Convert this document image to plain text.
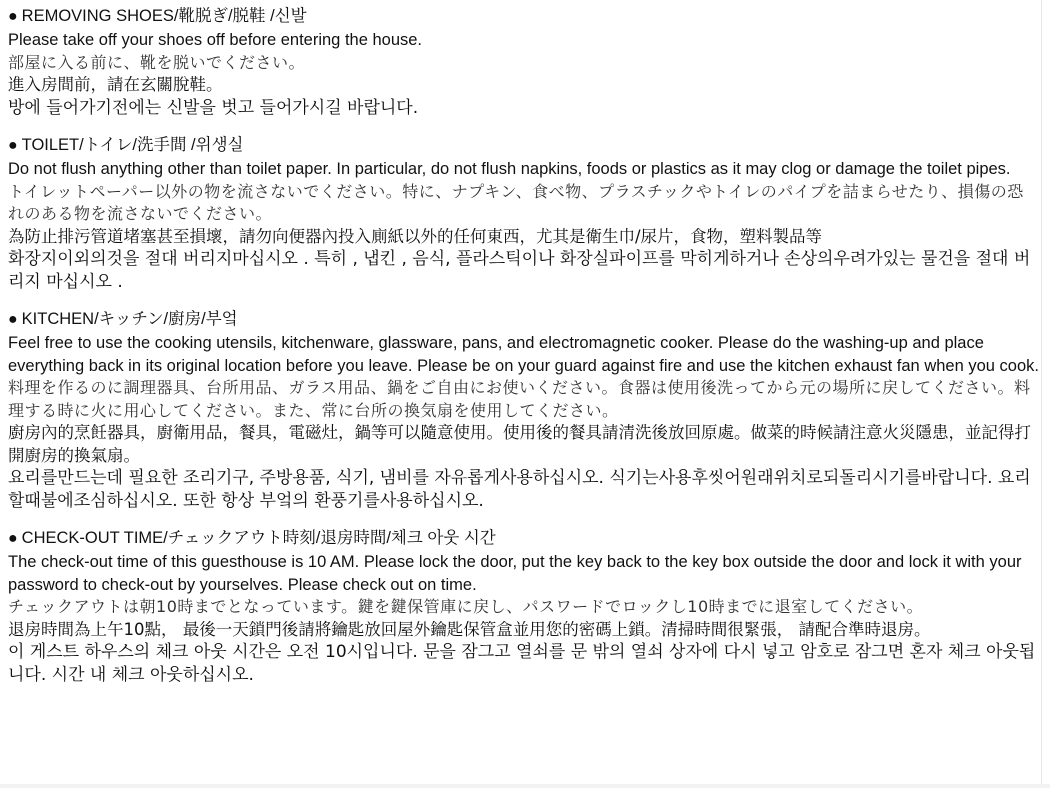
● REMOVING SHOES/靴脱ぎ/脱鞋 /신발
Please take off your shoes off before entering the house.
部屋に入る前に、靴を脱いでください。
進入房間前，請在玄關脫鞋。
방에 들어가기전에는 신발을 벗고 들어가시길 바랍니다.
● TOILET/トイレ/洗手間 /위생실
Do not flush anything other than toilet paper. In particular, do not flush napkins, foods or plastics as it may clog or damage the toilet pipes.
トイレットペーパー以外の物を流さないでください。特に、ナプキン、食べ物、プラスチックやトイレのパイプを詰まらせたり、損傷の恐れのある物を流さないでください。
為防止排污管道堵塞甚至損壞，請勿向便器內投入廁紙以外的任何東西，尤其是衛生巾/尿片，食物，塑料製品等
화장지이외의것을 절대 버리지마십시오 . 특히 , 냅킨 , 음식, 플라스틱이나 화장실파이프를 막히게하거나 손상의우려가있는 물건을 절대 버리지 마십시오 .
● KITCHEN/キッチン/廚房/부엌
Feel free to use the cooking utensils, kitchenware, glassware, pans, and electromagnetic cooker. Please do the washing-up and place everything back in its original location before you leave. Please be on your guard against fire and use the kitchen exhaust fan when you cook.
料理を作るのに調理器具、台所用品、ガラス用品、鍋をご自由にお使いください。食器は使用後洗ってから元の場所に戻してください。料理する時に火に用心してください。また、常に台所の換気扇を使用してください。
廚房內的烹飪器具，廚衛用品，餐具，電磁灶，鍋等可以隨意使用。使用後的餐具請清洗後放回原處。做菜的時候請注意火災隱患，並記得打開廚房的換氣扇。
요리를만드는데 필요한 조리기구, 주방용품, 식기, 냄비를 자유롭게사용하십시오. 식기는사용후씻어원래위치로되돌리시기를바랍니다. 요리할때불에조심하십시오. 또한 항상 부엌의 환풍기를사용하십시오.
● CHECK-OUT TIME/チェックアウト時刻/退房時間/체크 아웃 시간
The check-out time of this guesthouse is 10 AM. Please lock the door, put the key back to the key box outside the door and lock it with your password to check-out by yourselves. Please check out on time.
チェックアウトは朝10時までとなっています。鍵を鍵保管庫に戻し、パスワードでロックし10時までに退室してください。
退房時間為上午10點， 最後一天鎖門後請將鑰匙放回屋外鑰匙保管盒並用您的密碼上鎖。清掃時間很緊張， 請配合準時退房。
이 게스트 하우스의 체크 아웃 시간은 오전 10시입니다. 문을 잠그고 열쇠를 문 밖의 열쇠 상자에 다시 넣고 암호로 잠그면 혼자 체크 아웃됩니다. 시간 내 체크 아웃하십시오.
